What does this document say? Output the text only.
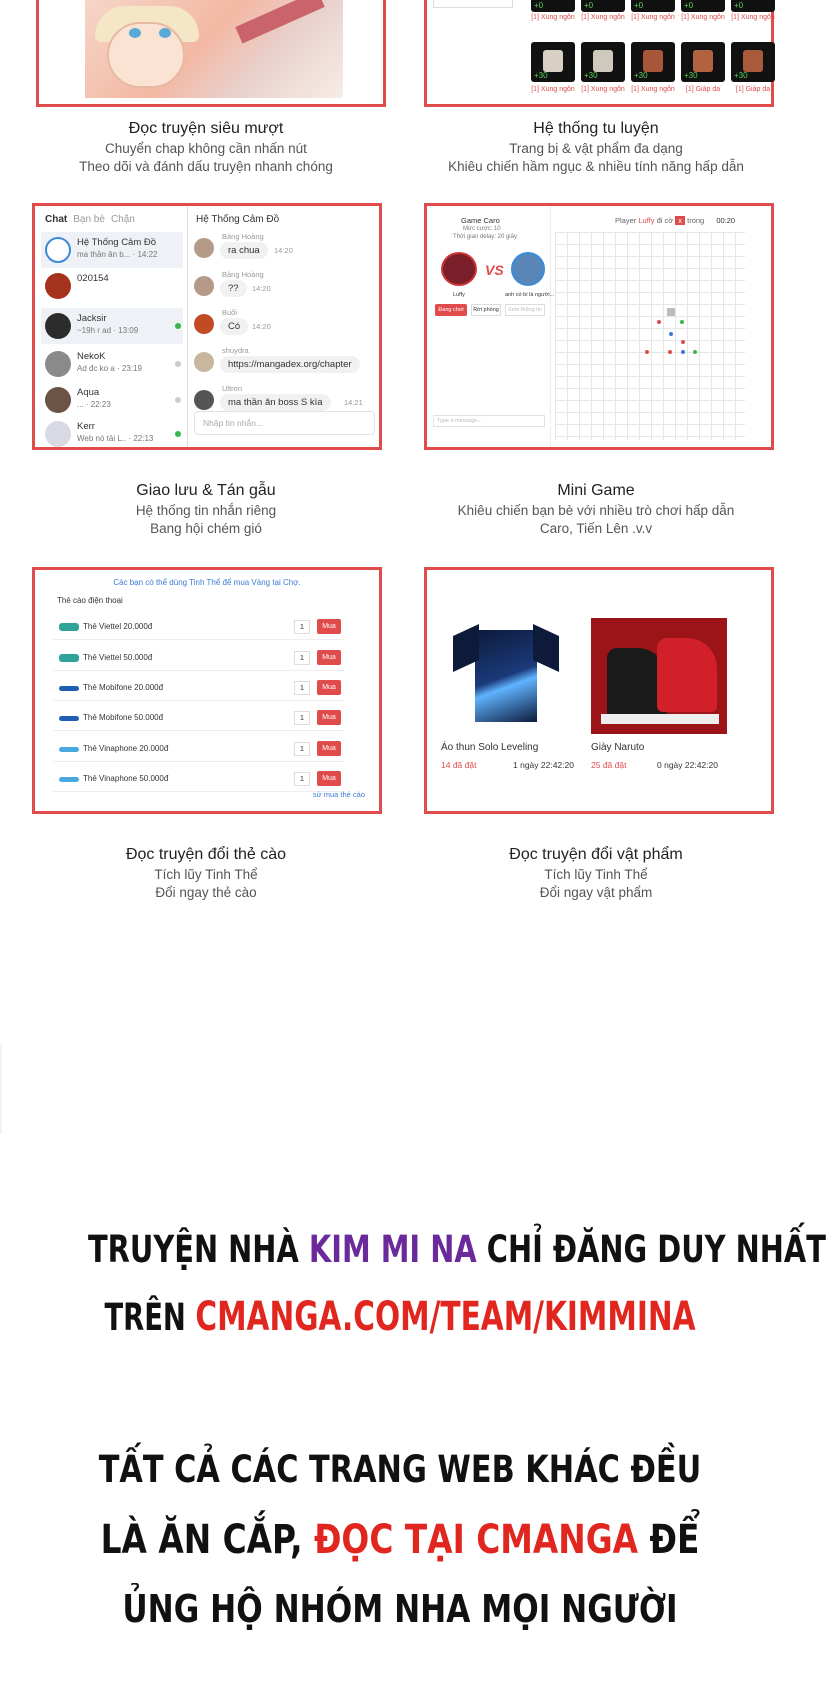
Đọc truyện siêu mượt
Chuyển chap không cần nhấn nút
Theo dõi và đánh dấu truyện nhanh chóng
+0	+0	+0	+0	+0
[1] Xung ngôn [1] Xung ngôn [1] Xung ngôn [1] Xung ngôn [1] Xung ngôn
+30	+30	+30	+30	+30
[1] Xung ngôn [1] Xung ngôn [1] Xung ngôn	[1] Giáp da	[1] Giáp da
Hệ thống tu luyện
Trang bị & vật phẩm đa dạng
Khiêu chiến hầm ngục & nhiều tính năng hấp dẫn
Chat Bạn bè Chặn
Hệ Thống Cảm Đồ
ma thần ân b... · 14:22
020154
Jacksir
~19h r ad · 13:09
NekoK
Ad đc ko a · 23:19
Aqua
... · 22:23
Kerr
Web nó tải L.. · 22:13
Hệ Thống Cảm Đồ
Bảng Hoàng
ra chua	14:20
Bảng Hoàng
??	14:20
Buổi
Có	14:20
shuydra
https://mangadex.org/chapter
Ultron
ma thần ăn boss S kìa	14:21
Nhập tin nhắn...
Giao lưu & Tán gẫu
Hệ thống tin nhắn riêng
Bang hội chém gió
Game Caro
Mức cược: 10
Thời gian delay: 20 giây
VS
Luffy	anh có bí là người...
Đang chơi	Rời phòng	Xem thông tin
Type a message...
Player Luffy đi cờ x trong 00:20
Mini Game
Khiêu chiến bạn bè với nhiều trò chơi hấp dẫn
Caro, Tiến Lên .v.v
Các bạn có thể dùng Tinh Thể để mua Vàng tại Chợ.
Thẻ cào điện thoại
Thẻ Viettel 20.000đ	1	Mua
Thẻ Viettel 50.000đ	1	Mua
Thẻ Mobifone 20.000đ	1	Mua
Thẻ Mobifone 50.000đ	1	Mua
Thẻ Vinaphone 20.000đ	1	Mua
Thẻ Vinaphone 50.000đ	1	Mua
sử mua thẻ cào
Đọc truyện đổi thẻ cào
Tích lũy Tinh Thể
Đổi ngay thẻ cào
Áo thun Solo Leveling
14 đã đặt	1 ngày 22:42:20
Giày Naruto
25 đã đặt	0 ngày 22:42:20
Đọc truyện đổi vật phẩm
Tích lũy Tinh Thể
Đổi ngay vật phẩm
TRUYỆN NHÀ KIM MI NA CHỈ ĐĂNG DUY NHẤT
TRÊN CMANGA.COM/TEAM/KIMMINA
TẤT CẢ CÁC TRANG WEB KHÁC ĐỀU
LÀ ĂN CẮP, ĐỌC TẠI CMANGA ĐỂ
ỦNG HỘ NHÓM NHA MỌI NGƯỜI
